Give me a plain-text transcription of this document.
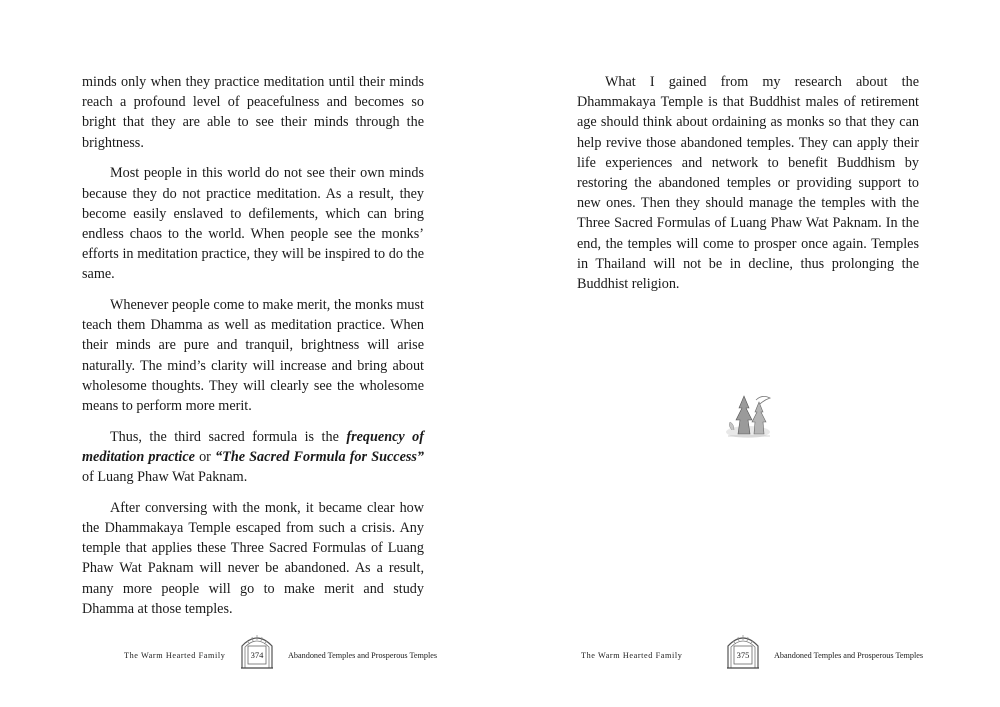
minds only when they practice meditation until their minds reach a profound level of peacefulness and becomes so bright that they are able to see their minds through the brightness.

Most people in this world do not see their own minds because they do not practice meditation. As a result, they become easily enslaved to defilements, which can bring endless chaos to the world. When people see the monks’ efforts in meditation practice, they will be inspired to do the same.

Whenever people come to make merit, the monks must teach them Dhamma as well as meditation practice. When their minds are pure and tranquil, brightness will arise naturally. The mind’s clarity will increase and bring about wholesome thoughts. They will clearly see the wholesome means to perform more merit.

Thus, the third sacred formula is the frequency of meditation practice or “The Sacred Formula for Success” of Luang Phaw Wat Paknam.

After conversing with the monk, it became clear how the Dhammakaya Temple escaped from such a crisis. Any temple that applies these Three Sacred Formulas of Luang Phaw Wat Paknam will never be abandoned. As a result, many more people will go to make merit and study Dhamma at those temples.

The Warm Hearted Family	374	Abandoned Temples and Prosperous Temples

What I gained from my research about the Dhammakaya Temple is that Buddhist males of retirement age should think about ordaining as monks so that they can help revive those abandoned temples. They can apply their life experiences and network to benefit Buddhism by restoring the abandoned temples or providing support to new ones. Then they should manage the temples with the Three Sacred Formulas of Luang Phaw Wat Paknam. In the end, the temples will come to prosper once again. Temples in Thailand will not be in decline, thus prolonging the Buddhist religion.

The Warm Hearted Family	375	Abandoned Temples and Prosperous Temples
